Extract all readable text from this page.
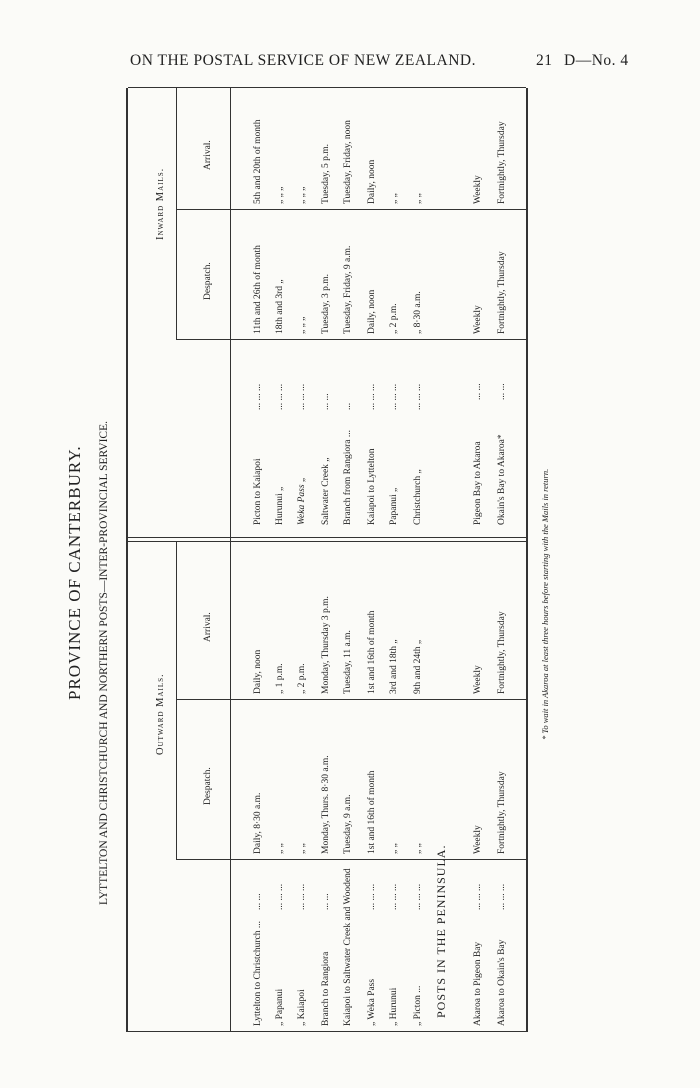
ON THE POSTAL SERVICE OF NEW ZEALAND.	21 D—No. 4
PROVINCE OF CANTERBURY. LYTTELTON AND CHRISTCHURCH AND NORTHERN POSTS—INTER-PROVINCIAL SERVICE.	Outward Mails.
Despatch.
Arrival.
Inward Mails.
Despatch.
Arrival.
Lyttelton to Christchurch ...
... ...
Daily, 8·30 a.m.
Daily, noon
„ Papanui
... ... ...
„ „
„ 1 p.m.
„ Kaiapoi
... ... ...
„ „
„ 2 p.m.
Branch to Rangiora
... ...
Monday, Thurs. 8·30 a.m.
Monday, Thursday 3 p.m.
Kaiapoi to Saltwater Creek and Woodend
Tuesday, 9 a.m.
Tuesday, 11 a.m.
„ Weka Pass
... ... ...
1st and 16th of month
1st and 16th of month
„ Hurunui
... ... ...
„ „
3rd and 18th „
„ Picton ...
... ... ...
„ „
9th and 24th „
Picton to Kaiapoi
... ... ...
11th and 26th of month
5th and 20th of month
Hurunui „
... ... ...
18th and 3rd „
„ „ „
Weka Pass „
... ... ...
„ „ „
„ „ „
Saltwater Creek „
... ...
Tuesday, 3 p.m.
Tuesday, 5 p.m.
Branch from Rangiora ...
...
Tuesday, Friday, 9 a.m.
Tuesday, Friday, noon
Kaiapoi to Lyttelton
... ... ...
Daily, noon
Daily, noon
Papanui „
... ... ...
„ 2 p.m.
„ „
Christchurch „
... ... ...
„ 8·30 a.m.
„ „
Akaroa to Pigeon Bay
... ... ...
Weekly
Weekly
Pigeon Bay to Akaroa
... ...
Weekly
Weekly
Akaroa to Okain's Bay
... ... ...
Fortnightly, Thursday
Fortnightly, Thursday
Okain's Bay to Akaroa*
... ...
Fortnightly, Thursday
Fortnightly, Thursday
POSTS IN THE PENINSULA.
* To wait in Akaroa at least three hours before starting with the Mails in return.
